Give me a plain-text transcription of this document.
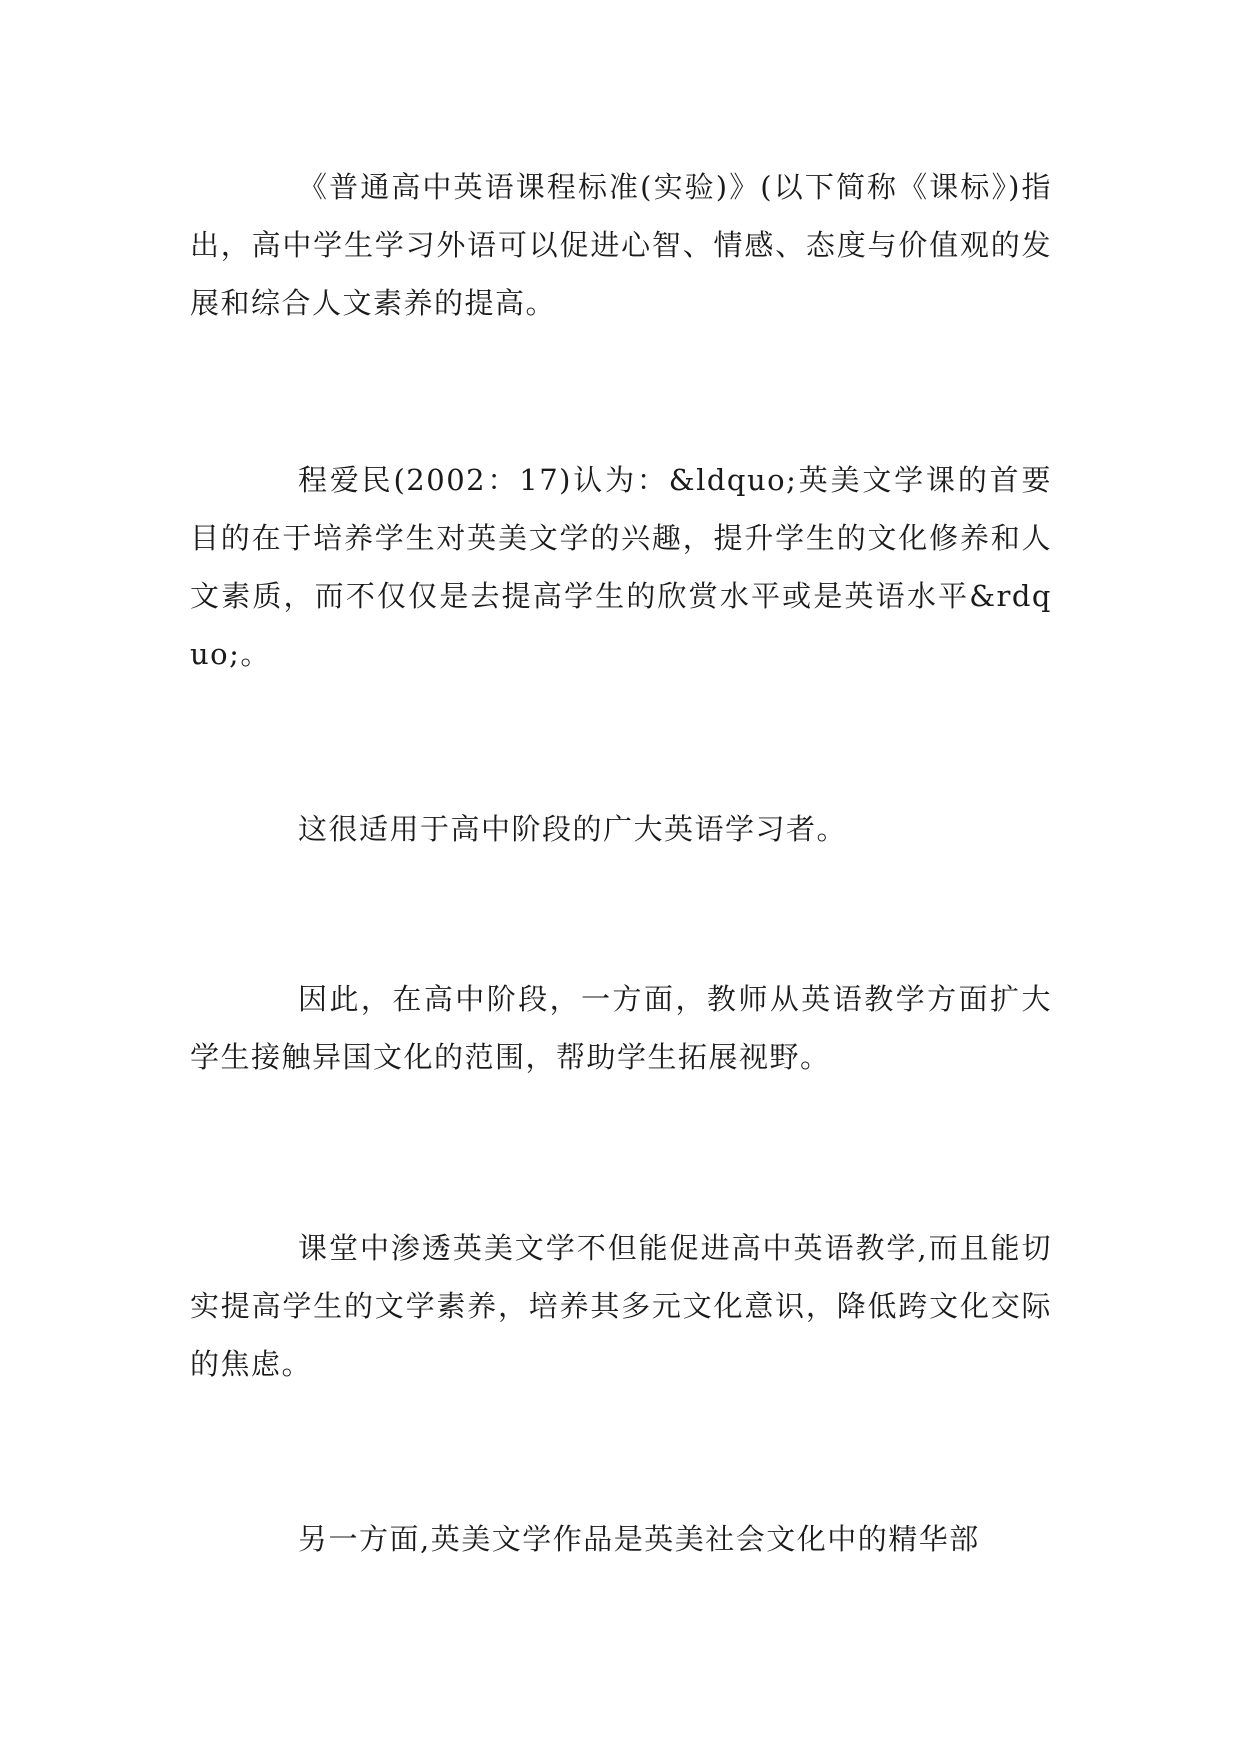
《普通高中英语课程标准(实验)》(以下简称《课标》)指出，高中学生学习外语可以促进心智、情感、态度与价值观的发展和综合人文素养的提高。

程爱民(2002：17)认为：&ldquo;英美文学课的首要目的在于培养学生对英美文学的兴趣，提升学生的文化修养和人文素质，而不仅仅是去提高学生的欣赏水平或是英语水平&rdquo;。

这很适用于高中阶段的广大英语学习者。

因此，在高中阶段，一方面，教师从英语教学方面扩大学生接触异国文化的范围，帮助学生拓展视野。

课堂中渗透英美文学不但能促进高中英语教学,而且能切实提高学生的文学素养，培养其多元文化意识，降低跨文化交际的焦虑。

另一方面,英美文学作品是英美社会文化中的精华部
